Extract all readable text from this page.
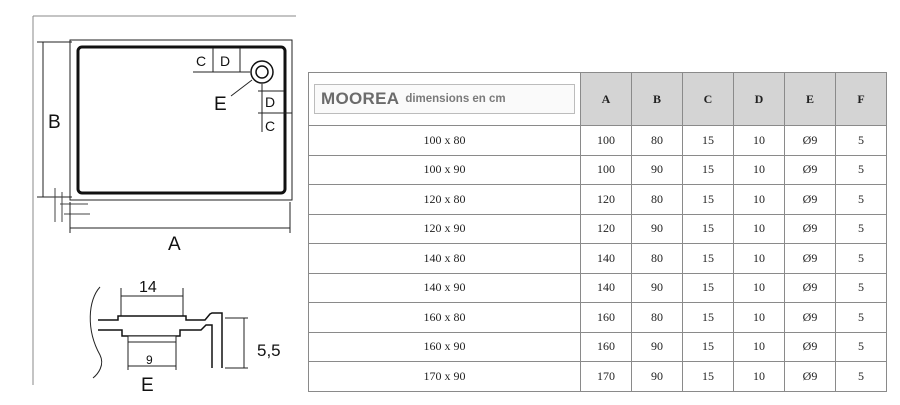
B
A
E
C D
D
C
14
9
E
5,5
MOOREA dimensions en cm	A	B	C	D	E	F
100 x 80	100	80	15	10	Ø9	5
100 x 90	100	90	15	10	Ø9	5
120 x 80	120	80	15	10	Ø9	5
120 x 90	120	90	15	10	Ø9	5
140 x 80	140	80	15	10	Ø9	5
140 x 90	140	90	15	10	Ø9	5
160 x 80	160	80	15	10	Ø9	5
160 x 90	160	90	15	10	Ø9	5
170 x 90	170	90	15	10	Ø9	5
